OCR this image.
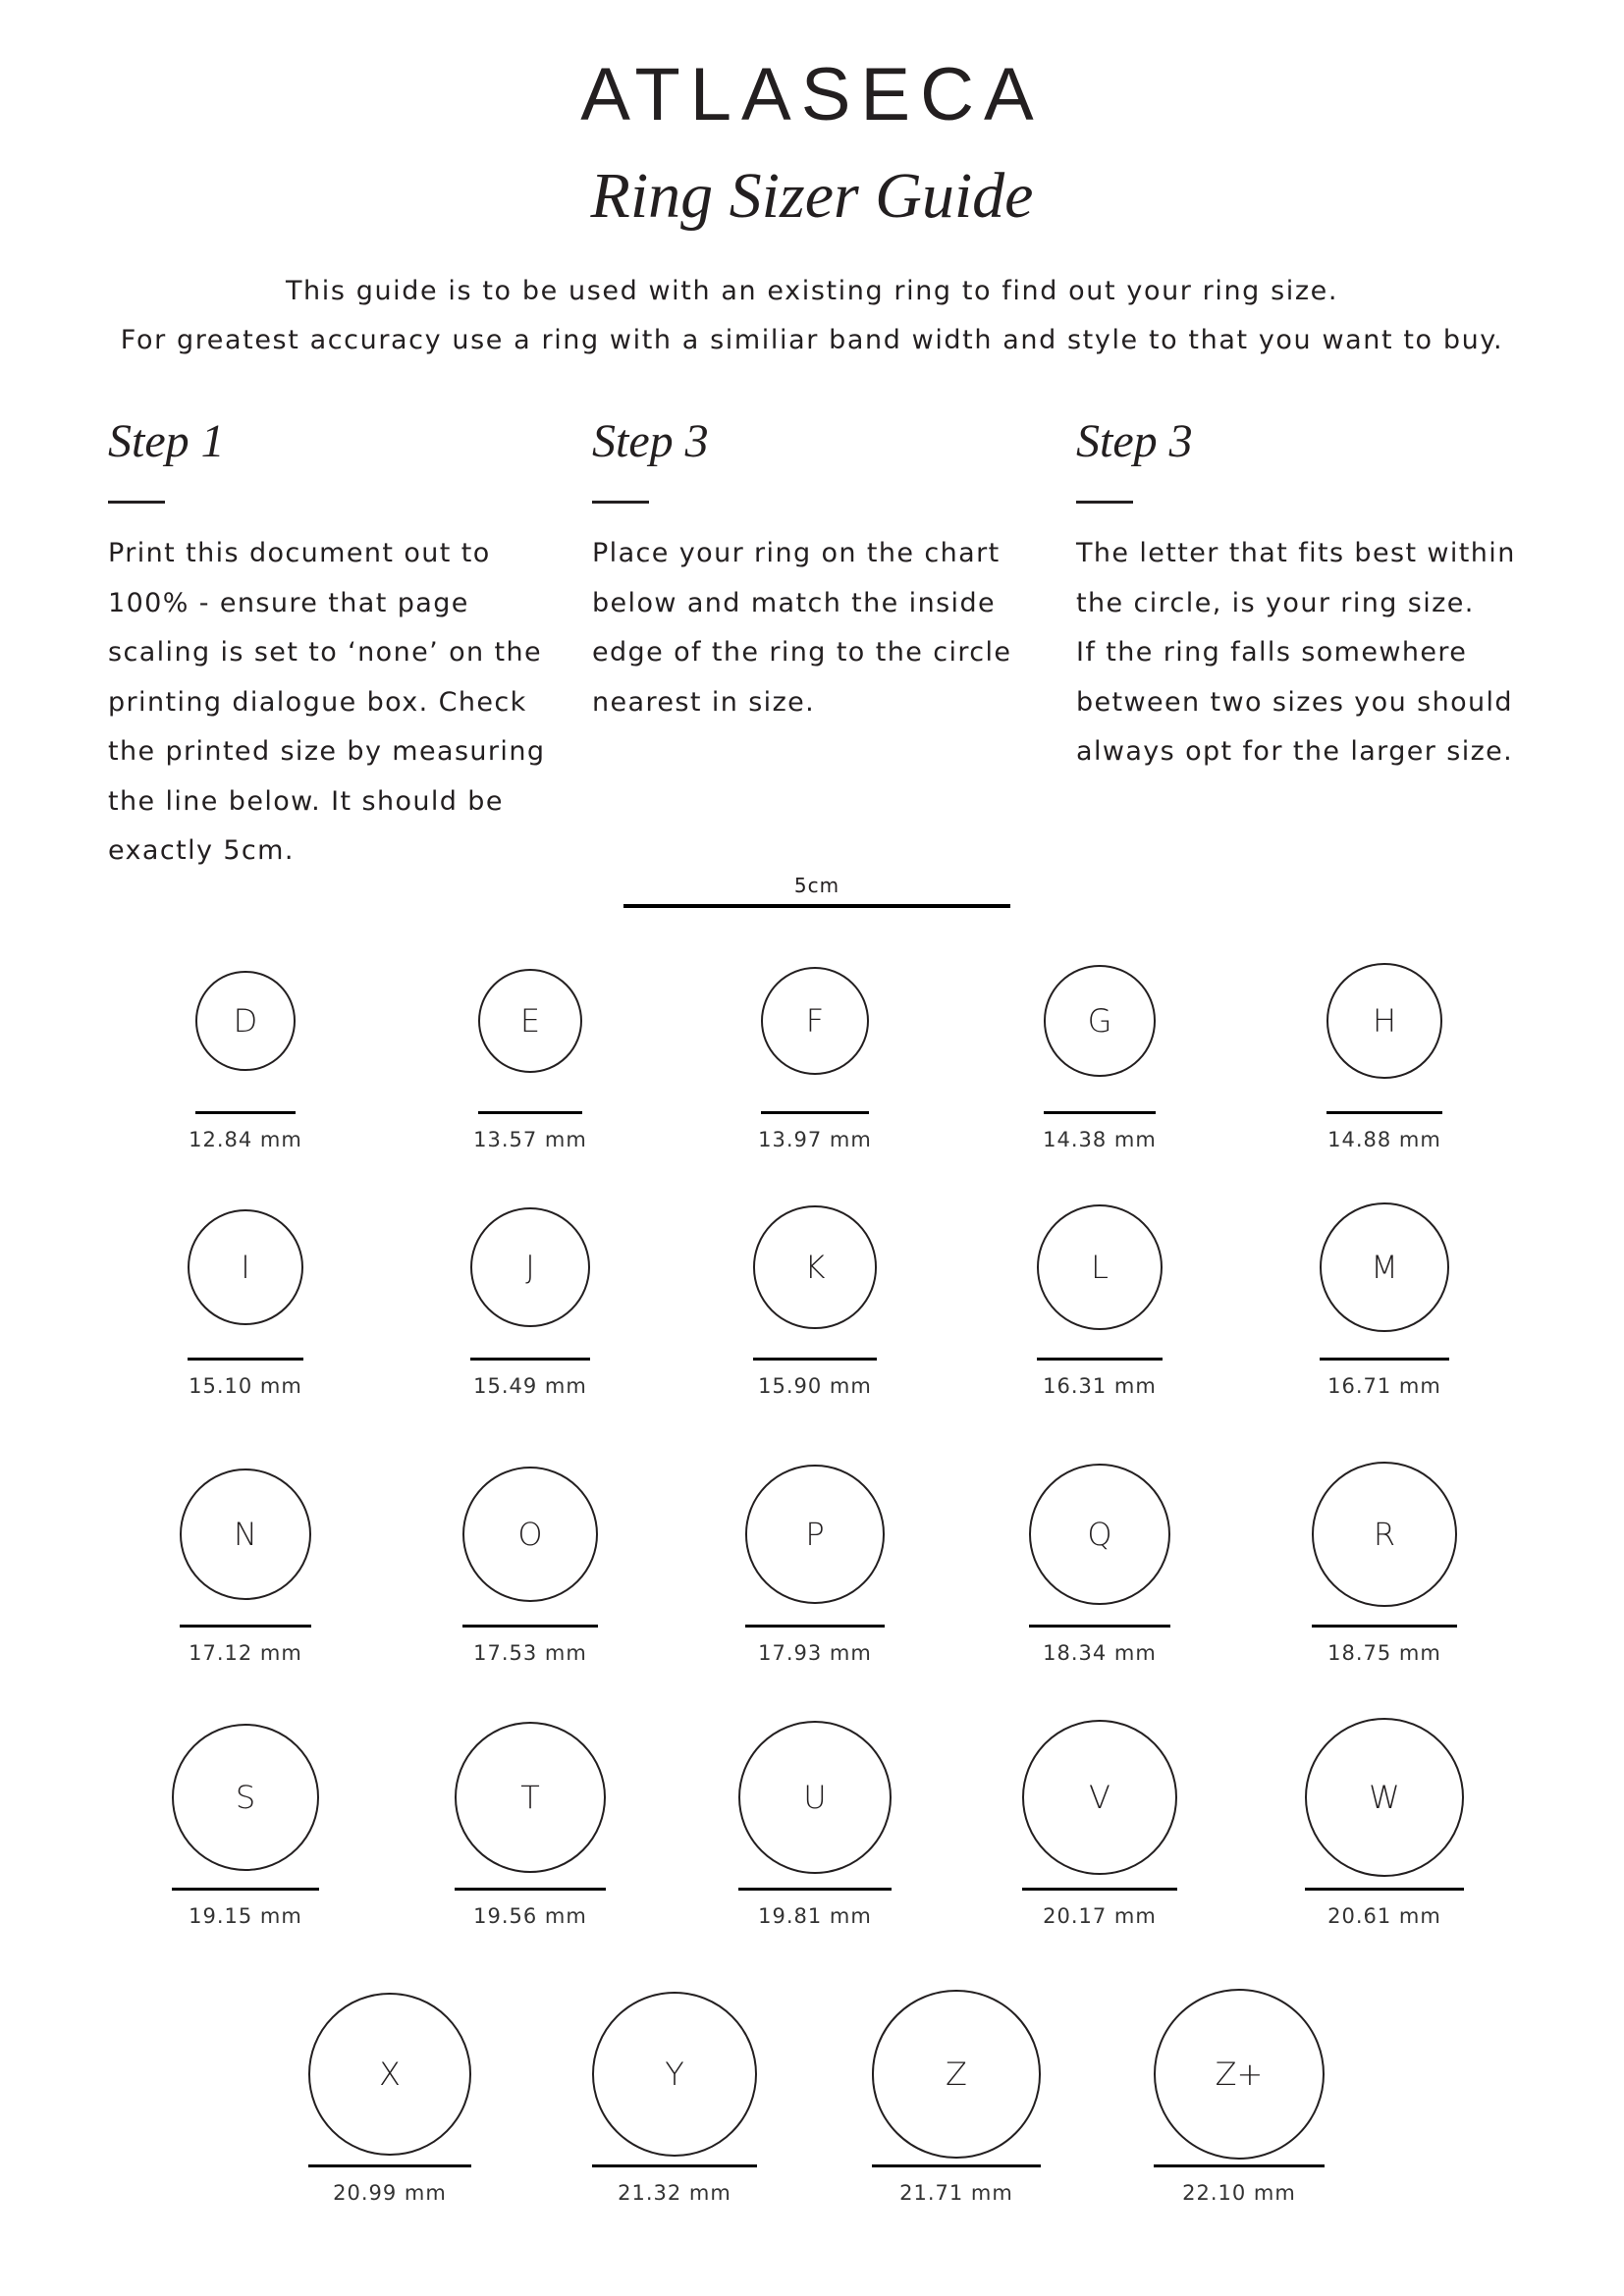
ATLASECA
Ring Sizer Guide
This guide is to be used with an existing ring to find out your ring size.
For greatest accuracy use a ring with a similiar band width and style to that you want to buy.
Step 1
Print this document out to
100% - ensure that page
scaling is set to ‘none’ on the
printing dialogue box. Check
the printed size by measuring
the line below. It should be
exactly 5cm.
Step 3
Place your ring on the chart
below and match the inside
edge of the ring to the circle
nearest in size.
Step 3
The letter that fits best within
the circle, is your ring size.
If the ring falls somewhere
between two sizes you should
always opt for the larger size.
5cm
D
12.84 mm
E
13.57 mm
F
13.97 mm
G
14.38 mm
H
14.88 mm
I
15.10 mm
J
15.49 mm
K
15.90 mm
L
16.31 mm
M
16.71 mm
N
17.12 mm
O
17.53 mm
P
17.93 mm
Q
18.34 mm
R
18.75 mm
S
19.15 mm
T
19.56 mm
U
19.81 mm
V
20.17 mm
W
20.61 mm
X
20.99 mm
Y
21.32 mm
Z
21.71 mm
Z+
22.10 mm
